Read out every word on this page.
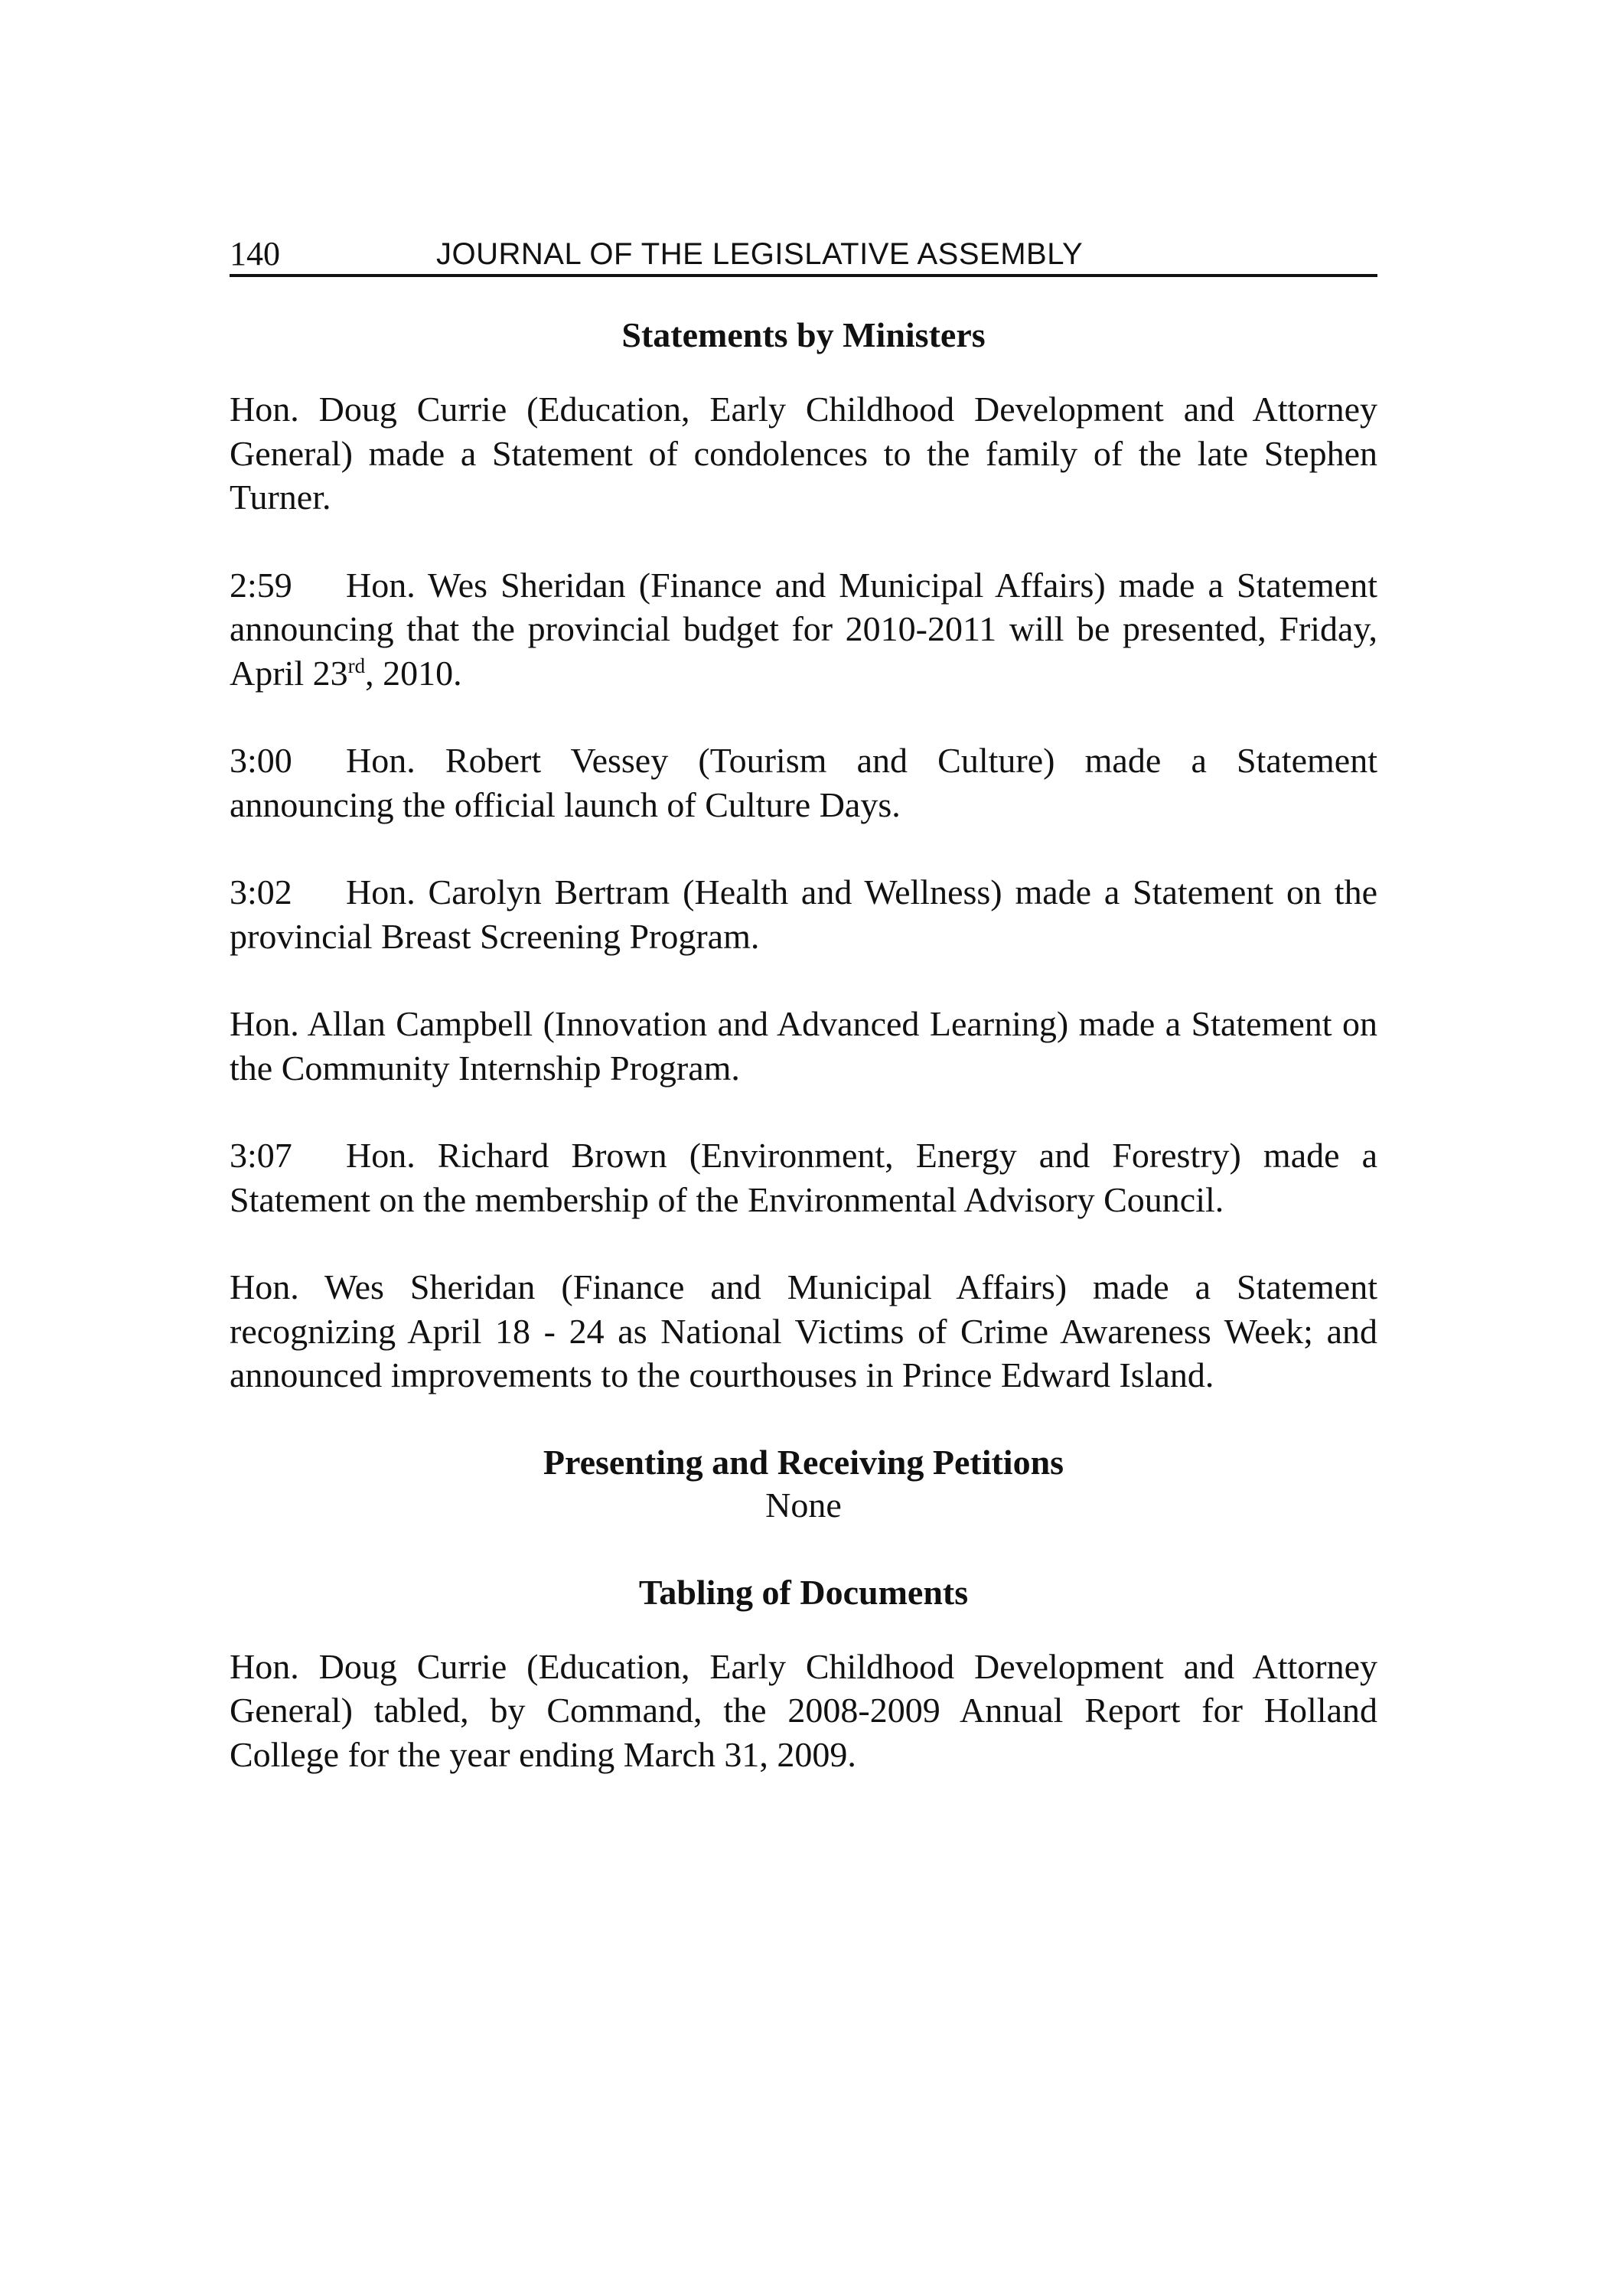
140	JOURNAL OF THE LEGISLATIVE ASSEMBLY
Statements by Ministers

Hon. Doug Currie (Education, Early Childhood Development and Attorney General) made a Statement of condolences to the family of the late Stephen Turner.

2:59 Hon. Wes Sheridan (Finance and Municipal Affairs) made a Statement announcing that the provincial budget for 2010-2011 will be presented, Friday, April 23rd, 2010.

3:00 Hon. Robert Vessey (Tourism and Culture) made a Statement announcing the official launch of Culture Days.

3:02 Hon. Carolyn Bertram (Health and Wellness) made a Statement on the provincial Breast Screening Program.

Hon. Allan Campbell (Innovation and Advanced Learning) made a Statement on the Community Internship Program.

3:07 Hon. Richard Brown (Environment, Energy and Forestry) made a Statement on the membership of the Environmental Advisory Council.

Hon. Wes Sheridan (Finance and Municipal Affairs) made a Statement recognizing April 18 - 24 as National Victims of Crime Awareness Week; and announced improvements to the courthouses in Prince Edward Island.

Presenting and Receiving Petitions

None

Tabling of Documents

Hon. Doug Currie (Education, Early Childhood Development and Attorney General) tabled, by Command, the 2008-2009 Annual Report for Holland College for the year ending March 31, 2009.
